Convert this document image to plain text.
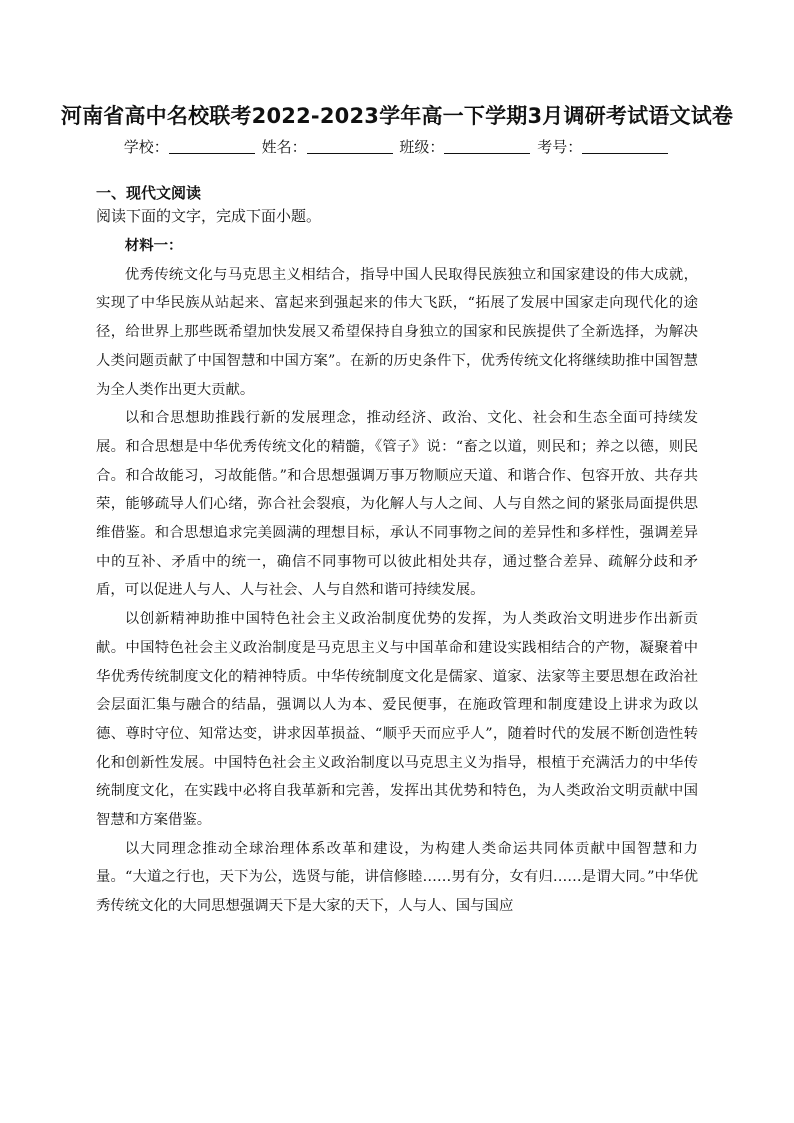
河南省高中名校联考2022-2023学年高一下学期3月调研考试语文试卷
学校：	姓名：	班级：	考号：
一、现代文阅读
阅读下面的文字，完成下面小题。

材料一：

优秀传统文化与马克思主义相结合，指导中国人民取得民族独立和国家建设的伟大成就，实现了中华民族从站起来、富起来到强起来的伟大飞跃，“拓展了发展中国家走向现代化的途径，给世界上那些既希望加快发展又希望保持自身独立的国家和民族提供了全新选择，为解决人类问题贡献了中国智慧和中国方案”。在新的历史条件下，优秀传统文化将继续助推中国智慧为全人类作出更大贡献。

以和合思想助推践行新的发展理念，推动经济、政治、文化、社会和生态全面可持续发展。和合思想是中华优秀传统文化的精髓，《管子》说：“畜之以道，则民和；养之以德，则民合。和合故能习，习故能偕。”和合思想强调万事万物顺应天道、和谐合作、包容开放、共存共荣，能够疏导人们心绪，弥合社会裂痕，为化解人与人之间、人与自然之间的紧张局面提供思维借鉴。和合思想追求完美圆满的理想目标，承认不同事物之间的差异性和多样性，强调差异中的互补、矛盾中的统一，确信不同事物可以彼此相处共存，通过整合差异、疏解分歧和矛盾，可以促进人与人、人与社会、人与自然和谐可持续发展。

以创新精神助推中国特色社会主义政治制度优势的发挥，为人类政治文明进步作出新贡献。中国特色社会主义政治制度是马克思主义与中国革命和建设实践相结合的产物，凝聚着中华优秀传统制度文化的精神特质。中华传统制度文化是儒家、道家、法家等主要思想在政治社会层面汇集与融合的结晶，强调以人为本、爱民便事，在施政管理和制度建设上讲求为政以德、尊时守位、知常达变，讲求因革损益、“顺乎天而应乎人”，随着时代的发展不断创造性转化和创新性发展。中国特色社会主义政治制度以马克思主义为指导，根植于充满活力的中华传统制度文化，在实践中必将自我革新和完善，发挥出其优势和特色，为人类政治文明贡献中国智慧和方案借鉴。

以大同理念推动全球治理体系改革和建设，为构建人类命运共同体贡献中国智慧和力量。“大道之行也，天下为公，选贤与能，讲信修睦……男有分，女有归……是谓大同。”中华优秀传统文化的大同思想强调天下是大家的天下，人与人、国与国应
